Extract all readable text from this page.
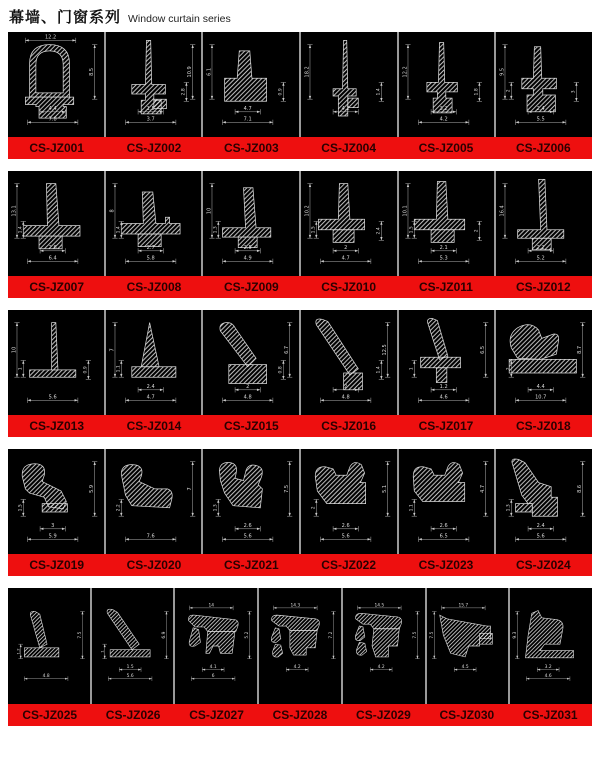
幕墙、门窗系列 Window curtain series
12.2
8.5
4.4
7.8
10.9
2.8
1.5
3.7
6.1
0.9
4.7
7.1
18.2
1.4
4.2
12.2
1.8
3.2
4.2
9.5
2	3
2.4
5.5
CS-JZ001	CS-JZ002	CS-JZ003	CS-JZ004	CS-JZ005	CS-JZ006
13.1
1.4
2.6
6.4
8
1.4
2.7
5.8
10
1.3
2.5
4.9
10.2
1.5	2.4
2
4.7
10.1
1.5	2
2.1
5.3
16.4
2.2
5.2
CS-JZ007	CS-JZ008	CS-JZ009	CS-JZ010	CS-JZ011	CS-JZ012
10
1	0.9
5.6
7
1.1
2.4
4.7
6.7
0.8
2
4.8
12.5
1.4
2
4.8
6.5
1
1.2
4.6
8.7
2
4.4
10.7
CS-JZ013	CS-JZ014	CS-JZ015	CS-JZ016	CS-JZ017	CS-JZ018
5.9
1.5
3
5.9
7
2.2
7.6
7.5
1.3
2.6
5.6
5.1
2
2.6
5.6
4.7
1.1
2.6
6.5
8.6
1.3
2.4
5.6
CS-JZ019	CS-JZ020	CS-JZ021	CS-JZ022	CS-JZ023	CS-JZ024
7.5
1.2
4.8
6.9
1
1.5
5.6
14
5.2
4.1
6
14.3
7.2
4.2
14.5
7.5
4.2
15.7
7.5
4.5
9.3
3.2
4.6
CS-JZ025	CS-JZ026	CS-JZ027	CS-JZ028	CS-JZ029	CS-JZ030	CS-JZ031
